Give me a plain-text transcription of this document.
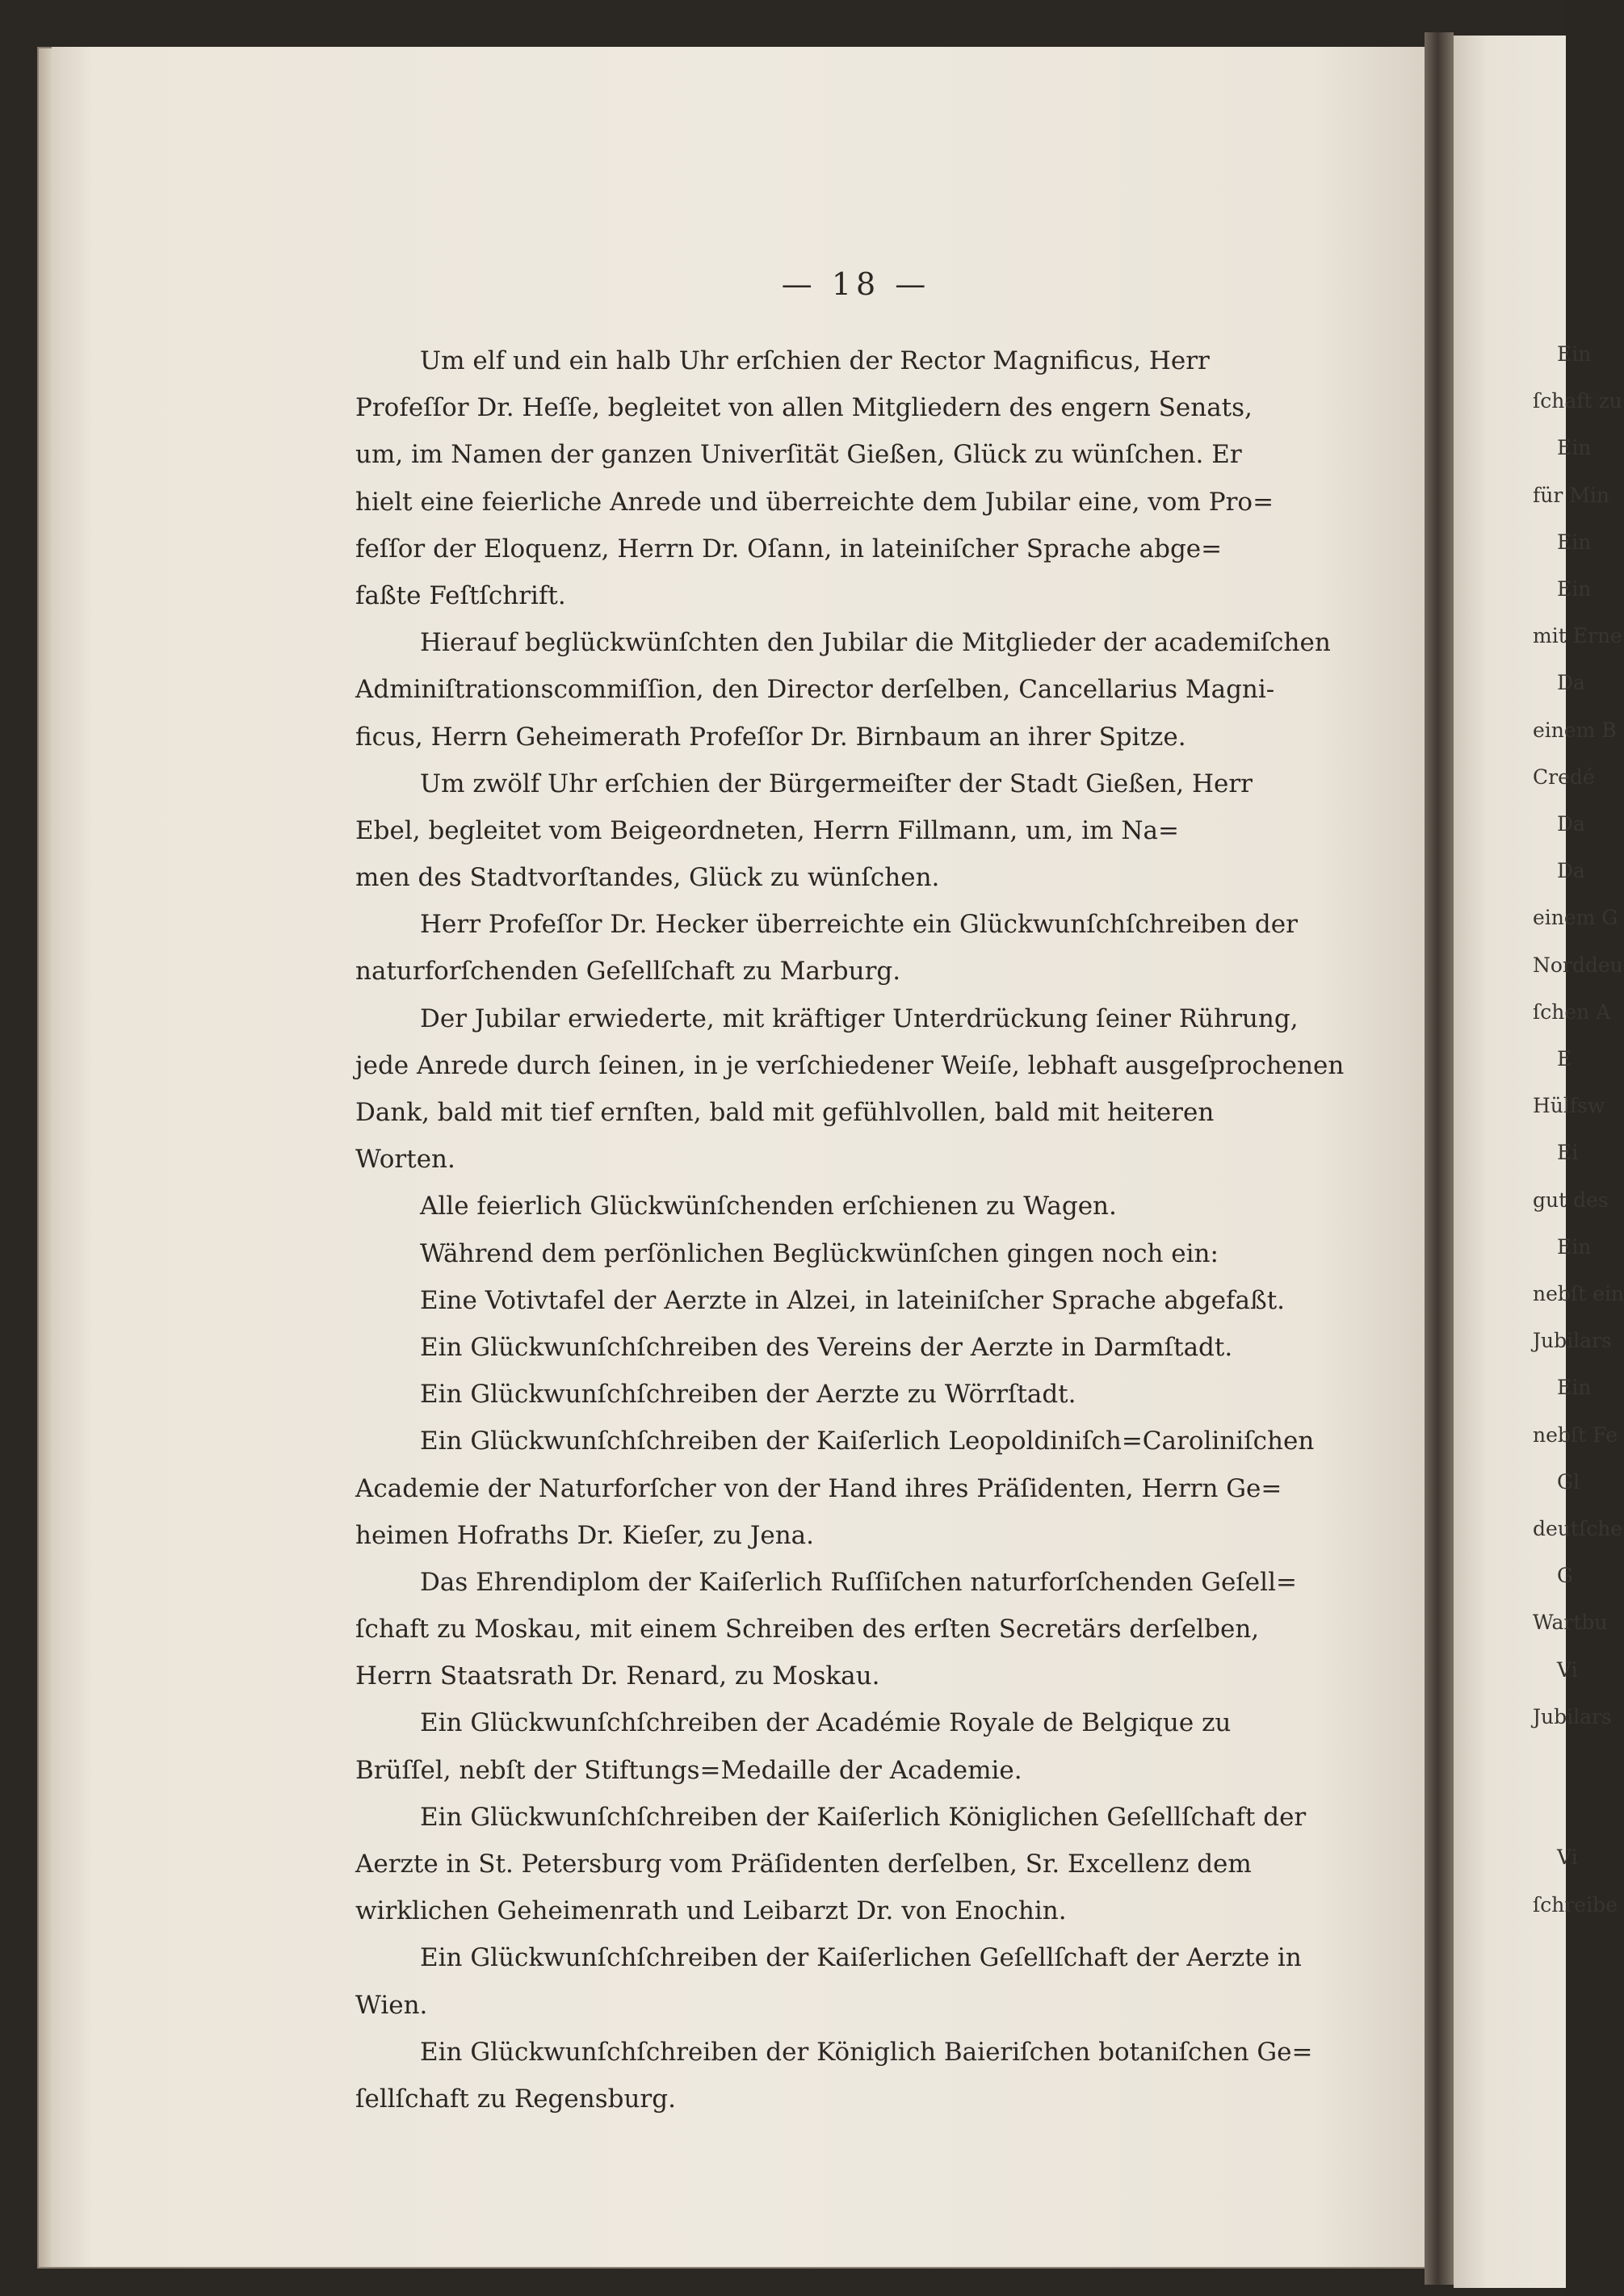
Ein
ſchaft zu
Ein
für Min
Ein
Ein
mit Erne
Da
einem B
Credé
Da
Da
einem G
Norddeu
ſchen A
E
Hülfsw
Ei
gut des
Ein
nebſt ein
Jubilars
Ein
nebſt Fe
Gl
deutſche
G
Wartbu
Vi
Jubilars
Vi
ſchreibe
— 18 —
Um elf und ein halb Uhr erſchien der Rector Magnificus, Herr
Profeſſor Dr. Heſſe, begleitet von allen Mitgliedern des engern Senats,
um, im Namen der ganzen Univerſität Gießen, Glück zu wünſchen. Er
hielt eine feierliche Anrede und überreichte dem Jubilar eine, vom Pro=
feſſor der Eloquenz, Herrn Dr. Oſann, in lateiniſcher Sprache abge=
faßte Feſtſchrift.
Hierauf beglückwünſchten den Jubilar die Mitglieder der academiſchen
Adminiſtrationscommiſſion, den Director derſelben, Cancellarius Magni-
ficus, Herrn Geheimerath Profeſſor Dr. Birnbaum an ihrer Spitze.
Um zwölf Uhr erſchien der Bürgermeiſter der Stadt Gießen, Herr
Ebel, begleitet vom Beigeordneten, Herrn Fillmann, um, im Na=
men des Stadtvorſtandes, Glück zu wünſchen.
Herr Profeſſor Dr. Hecker überreichte ein Glückwunſchſchreiben der
naturforſchenden Geſellſchaft zu Marburg.
Der Jubilar erwiederte, mit kräftiger Unterdrückung ſeiner Rührung,
jede Anrede durch ſeinen, in je verſchiedener Weiſe, lebhaft ausgeſprochenen
Dank, bald mit tief ernſten, bald mit gefühlvollen, bald mit heiteren
Worten.
Alle feierlich Glückwünſchenden erſchienen zu Wagen.
Während dem perſönlichen Beglückwünſchen gingen noch ein:
Eine Votivtafel der Aerzte in Alzei, in lateiniſcher Sprache abgefaßt.
Ein Glückwunſchſchreiben des Vereins der Aerzte in Darmſtadt.
Ein Glückwunſchſchreiben der Aerzte zu Wörrſtadt.
Ein Glückwunſchſchreiben der Kaiſerlich Leopoldiniſch=Caroliniſchen
Academie der Naturforſcher von der Hand ihres Präſidenten, Herrn Ge=
heimen Hofraths Dr. Kieſer, zu Jena.
Das Ehrendiplom der Kaiſerlich Ruſſiſchen naturforſchenden Geſell=
ſchaft zu Moskau, mit einem Schreiben des erſten Secretärs derſelben,
Herrn Staatsrath Dr. Renard, zu Moskau.
Ein Glückwunſchſchreiben der Académie Royale de Belgique zu
Brüſſel, nebſt der Stiftungs=Medaille der Academie.
Ein Glückwunſchſchreiben der Kaiſerlich Königlichen Geſellſchaft der
Aerzte in St. Petersburg vom Präſidenten derſelben, Sr. Excellenz dem
wirklichen Geheimenrath und Leibarzt Dr. von Enochin.
Ein Glückwunſchſchreiben der Kaiſerlichen Geſellſchaft der Aerzte in
Wien.
Ein Glückwunſchſchreiben der Königlich Baieriſchen botaniſchen Ge=
ſellſchaft zu Regensburg.
